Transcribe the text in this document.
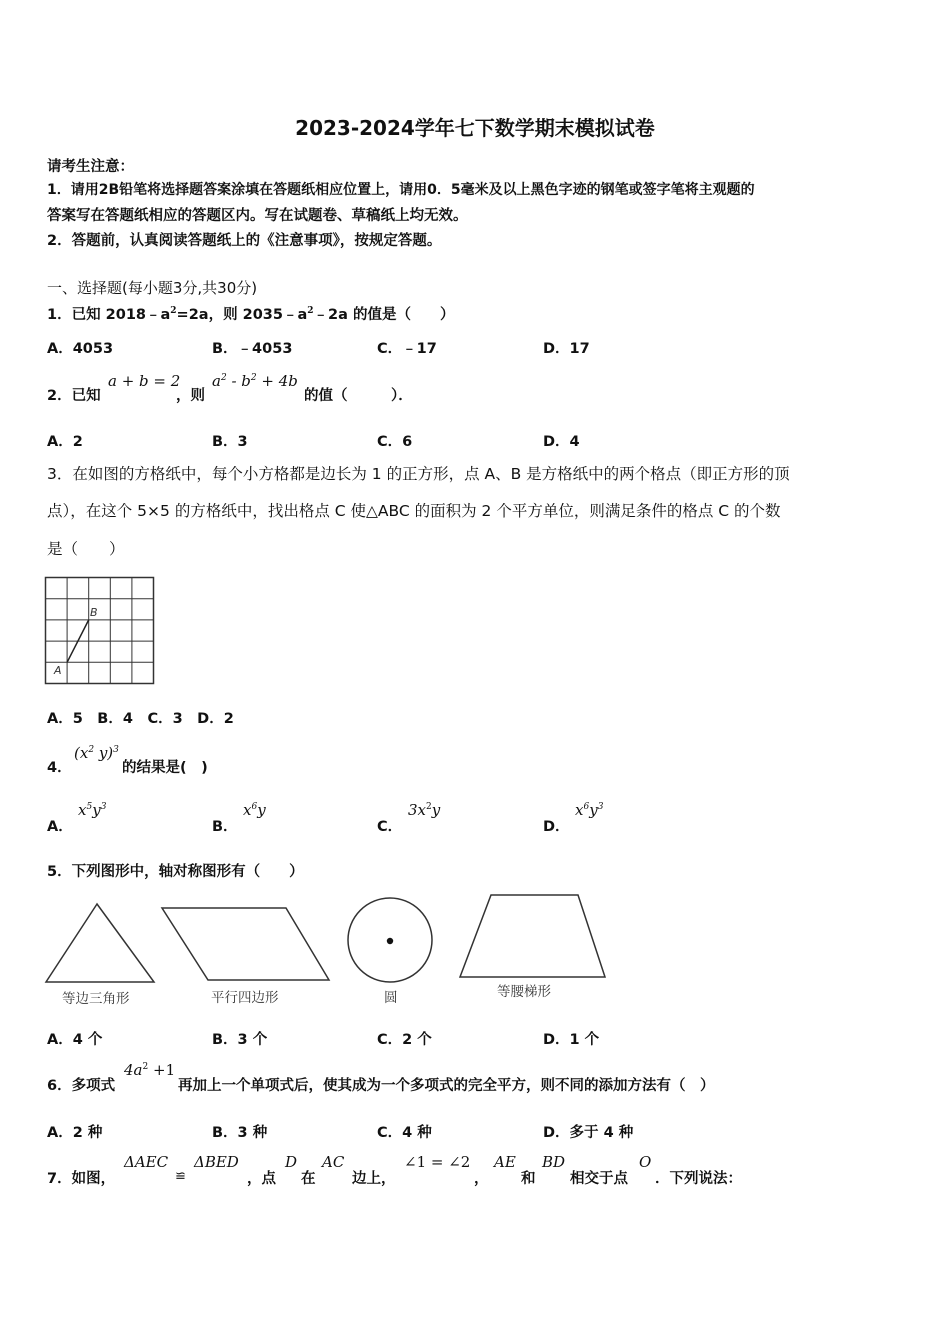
2023-2024学年七下数学期末模拟试卷
请考生注意：
1．请用2B铅笔将选择题答案涂填在答题纸相应位置上，请用0．5毫米及以上黑色字迹的钢笔或签字笔将主观题的
答案写在答题纸相应的答题区内。写在试题卷、草稿纸上均无效。
2．答题前，认真阅读答题纸上的《注意事项》，按规定答题。
一、选择题(每小题3分,共30分)
1．已知 $2018﹣a^2=2a$，则 $2035﹣a^2﹣2a$ 的值是（　　）
A．4053	B．﹣4053	C．﹣17	D．17
2．已知
a + b = 2
，则
$a^2 - b^2 + 4b$
的值（　　　）．
A．2	B．3	C．6	D．4
3．在如图的方格纸中，每个小方格都是边长为 1 的正方形，点 A、B 是方格纸中的两个格点（即正方形的顶
点），在这个 5×5 的方格纸中，找出格点 C 使△ABC 的面积为 2 个平方单位，则满足条件的格点 C 的个数
是（　　）
A
B
A．5　B．4　C．3　D．2
4．
($x^2$ y)$^3$
的结果是(　)
A．
$x^5y^3$
B．
$x^6y$
C．
$3x^2y$
D．
$x^6y^3$
5．下列图形中，轴对称图形有（　　）
等边三角形	平行四边形	圆	等腰梯形
A．4 个	B．3 个	C．2 个	D．1 个
6．多项式
$4a^2 +1$
再加上一个单项式后，使其成为一个多项式的完全平方，则不同的添加方法有（　）
A．2 种	B．3 种	C．4 种	D．多于 4 种
7．如图，
ΔAEC
≌
ΔBED
，点
D
在
AC
边上，
∠1 = ∠2
，
AE
和
BD
相交于点
O
．下列说法：
